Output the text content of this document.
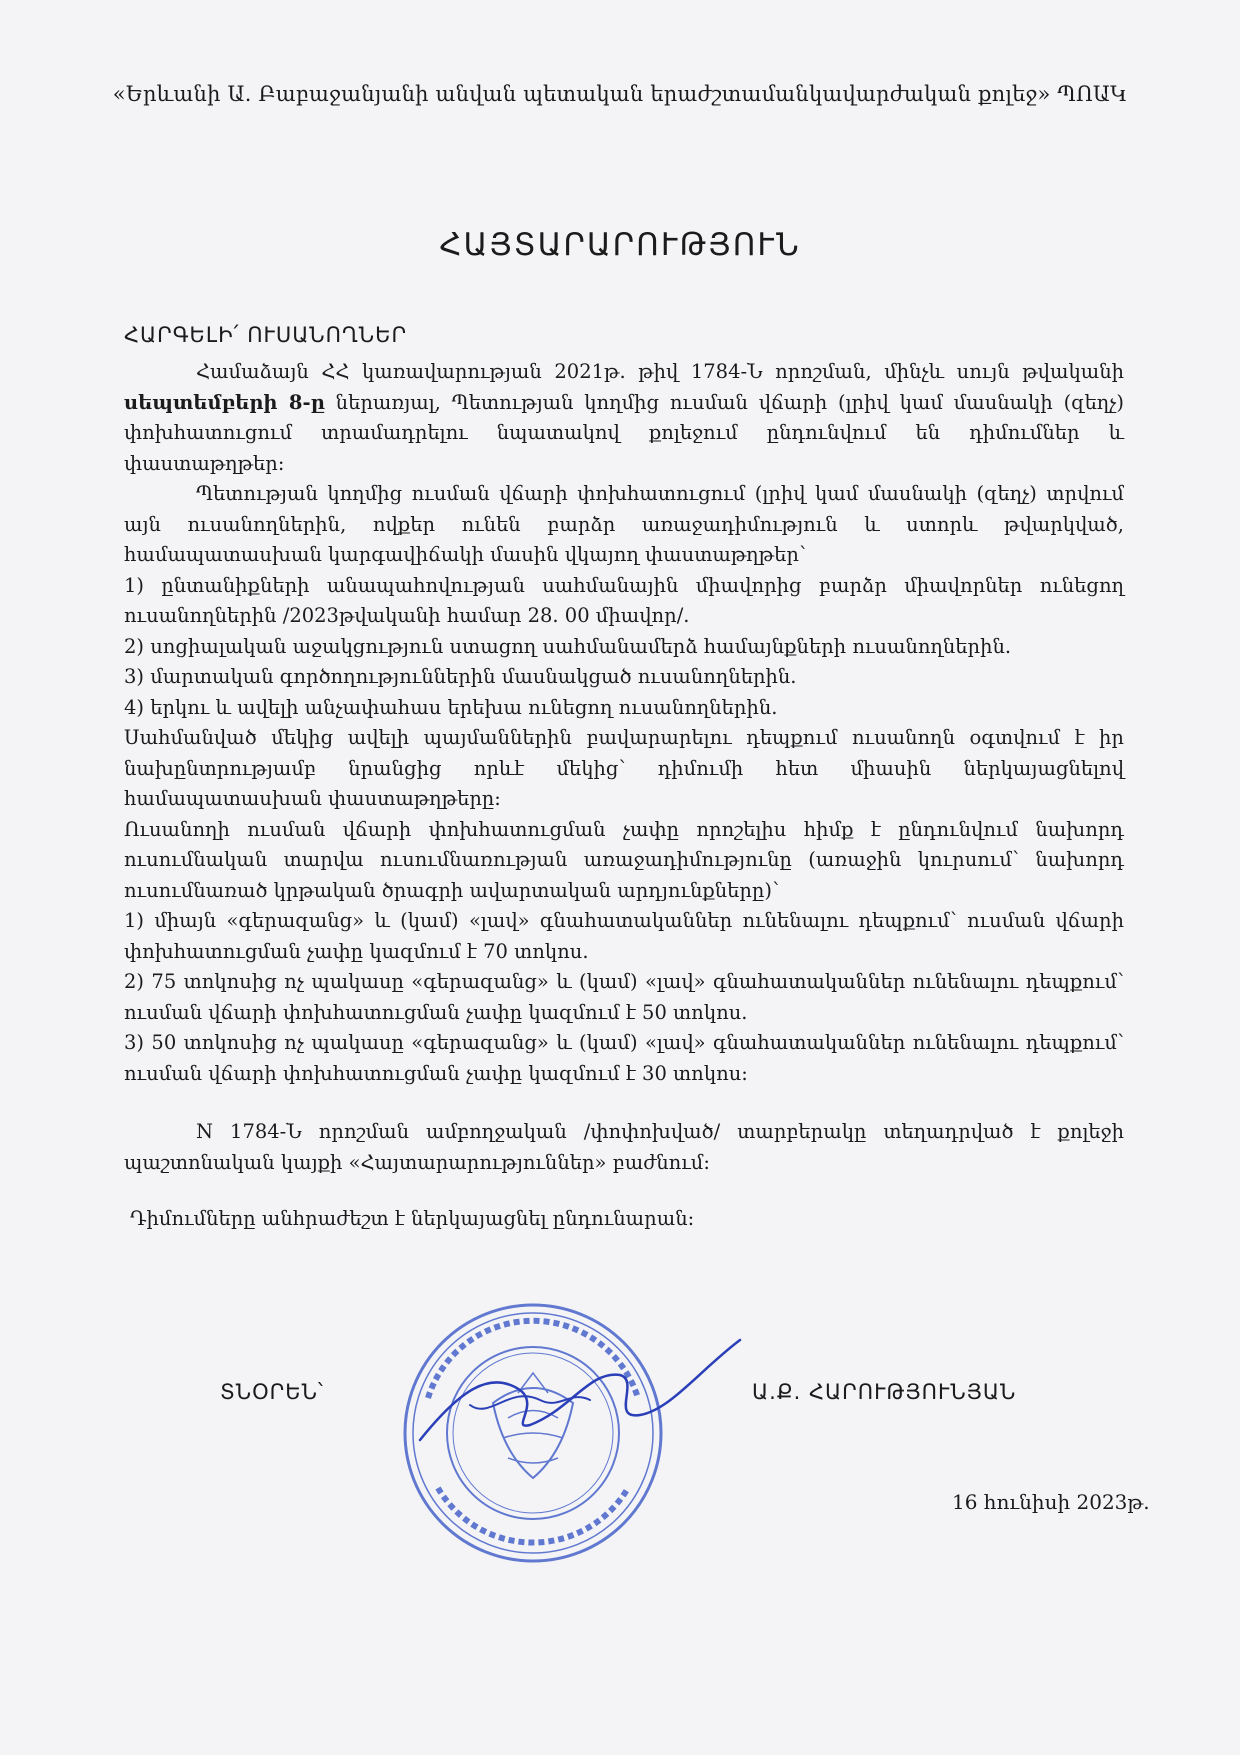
«Երևանի Ա. Բաբաջանյանի անվան պետական երաժշտամանկավարժական քոլեջ» ՊՈԱԿ
ՀԱՅՏԱՐԱՐՈՒԹՅՈՒՆ
ՀԱՐԳԵԼԻ՛ ՈՒՍԱՆՈՂՆԵՐ

Համաձայն ՀՀ կառավարության 2021թ. թիվ 1784-Ն որոշման, մինչև սույն թվականի սեպտեմբերի 8-ը ներառյալ, Պետության կողմից ուսման վճարի (լրիվ կամ մասնակի (զեղչ) փոխհատուցում տրամադրելու նպատակով քոլեջում ընդունվում են դիմումներ և փաստաթղթեր:

Պետության կողմից ուսման վճարի փոխհատուցում (լրիվ կամ մասնակի (զեղչ) տրվում այն ուսանողներին, ովքեր ունեն բարձր առաջադիմություն և ստորև թվարկված, համապատասխան կարգավիճակի մասին վկայող փաստաթղթեր՝

1) ընտանիքների անապահովության սահմանային միավորից բարձր միավորներ ունեցող ուսանողներին /2023թվականի համար 28. 00 միավոր/.

2) սոցիալական աջակցություն ստացող սահմանամերձ համայնքների ուսանողներին.

3) մարտական գործողություններին մասնակցած ուսանողներին.

4) երկու և ավելի անչափահաս երեխա ունեցող ուսանողներին.

Սահմանված մեկից ավելի պայմաններին բավարարելու դեպքում ուսանողն օգտվում է իր նախընտրությամբ նրանցից որևէ մեկից՝ դիմումի հետ միասին ներկայացնելով համապատասխան փաստաթղթերը:

Ուսանողի ուսման վճարի փոխհատուցման չափը որոշելիս հիմք է ընդունվում նախորդ ուսումնական տարվա ուսումնառության առաջադիմությունը (առաջին կուրսում՝ նախորդ ուսումնառած կրթական ծրագրի ավարտական արդյունքները)՝

1) միայն «գերազանց» և (կամ) «լավ» գնահատականներ ունենալու դեպքում՝ ուսման վճարի փոխհատուցման չափը կազմում է 70 տոկոս.

2) 75 տոկոսից ոչ պակասը «գերազանց» և (կամ) «լավ» գնահատականներ ունենալու դեպքում՝ ուսման վճարի փոխհատուցման չափը կազմում է 50 տոկոս.

3) 50 տոկոսից ոչ պակասը «գերազանց» և (կամ) «լավ» գնահատականներ ունենալու դեպքում՝ ուսման վճարի փոխհատուցման չափը կազմում է 30 տոկոս:

N 1784-Ն որոշման ամբողջական /փոփոխված/ տարբերակը տեղադրված է քոլեջի պաշտոնական կայքի «Հայտարարություններ» բաժնում:

Դիմումները անհրաժեշտ է ներկայացնել ընդունարան:

ՏՆՕՐԵՆ՝	Ա.Ք. ՀԱՐՈՒԹՅՈՒՆՅԱՆ
16 հունիսի 2023թ.
